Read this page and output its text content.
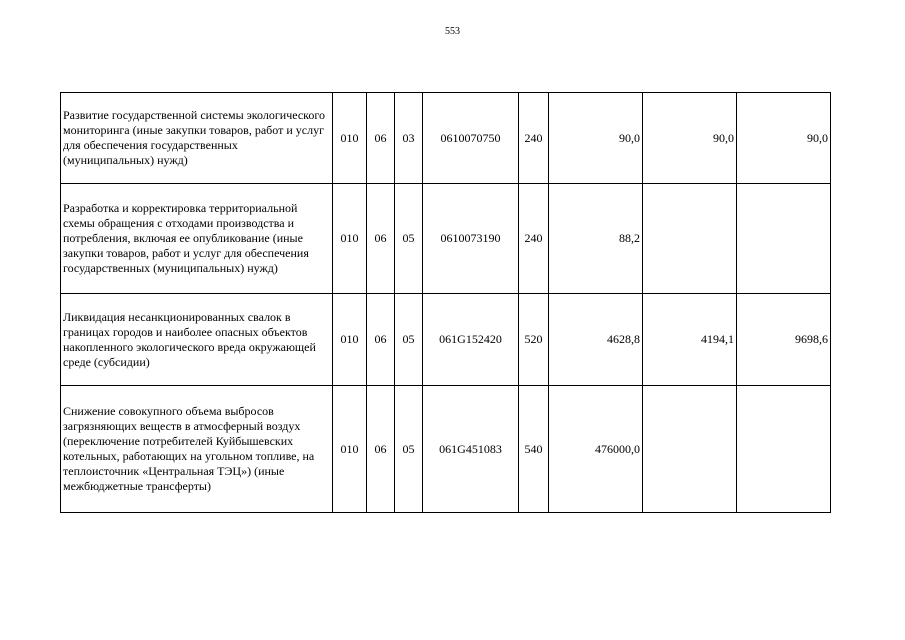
553
Развитие государственной системы экологического мониторинга (иные закупки товаров, работ и услуг для обеспечения государственных (муниципальных) нужд)	010	06	03	0610070750	240	90,0	90,0	90,0
Разработка и корректировка территориальной схемы обращения с отходами производства и потребления, включая ее опубликование (иные закупки товаров, работ и услуг для обеспечения государственных (муниципальных) нужд)	010	06	05	0610073190	240	88,2		
Ликвидация несанкционированных свалок в границах городов и наиболее опасных объектов накопленного экологического вреда окружающей среде (субсидии)	010	06	05	061G152420	520	4628,8	4194,1	9698,6
Снижение совокупного объема выбросов загрязняющих веществ в атмосферный воздух (переключение потребителей Куйбышевских котельных, работающих на угольном топливе, на теплоисточник «Центральная ТЭЦ») (иные межбюджетные трансферты)	010	06	05	061G451083	540	476000,0		
